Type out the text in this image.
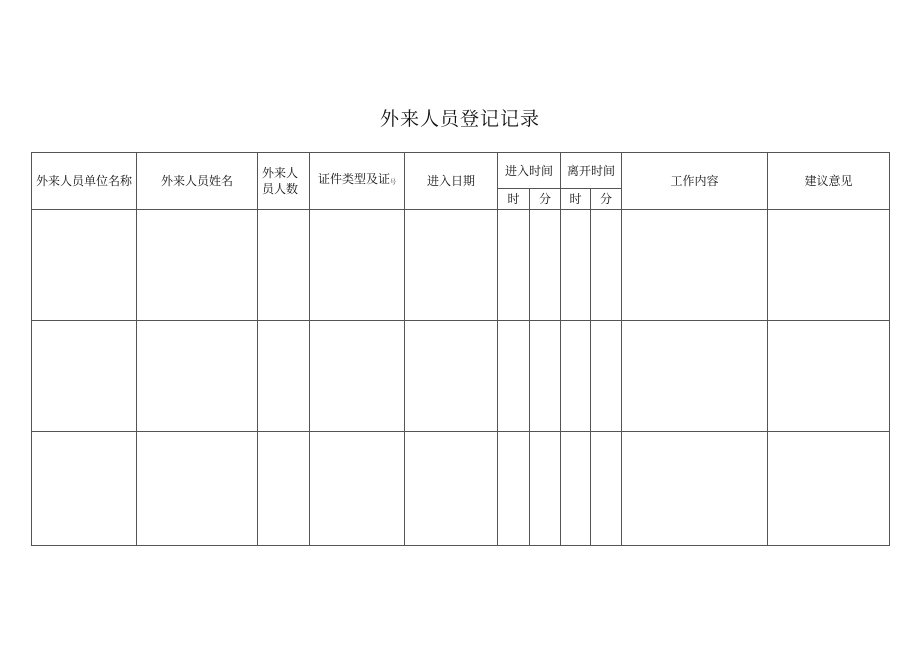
外来人员登记记录
外来人员单位名称	外来人员姓名	外来人员人数	证件类型及证号	进入日期	进入时间		离开时间		工作内容	建议意见
					时	分	时	分		
